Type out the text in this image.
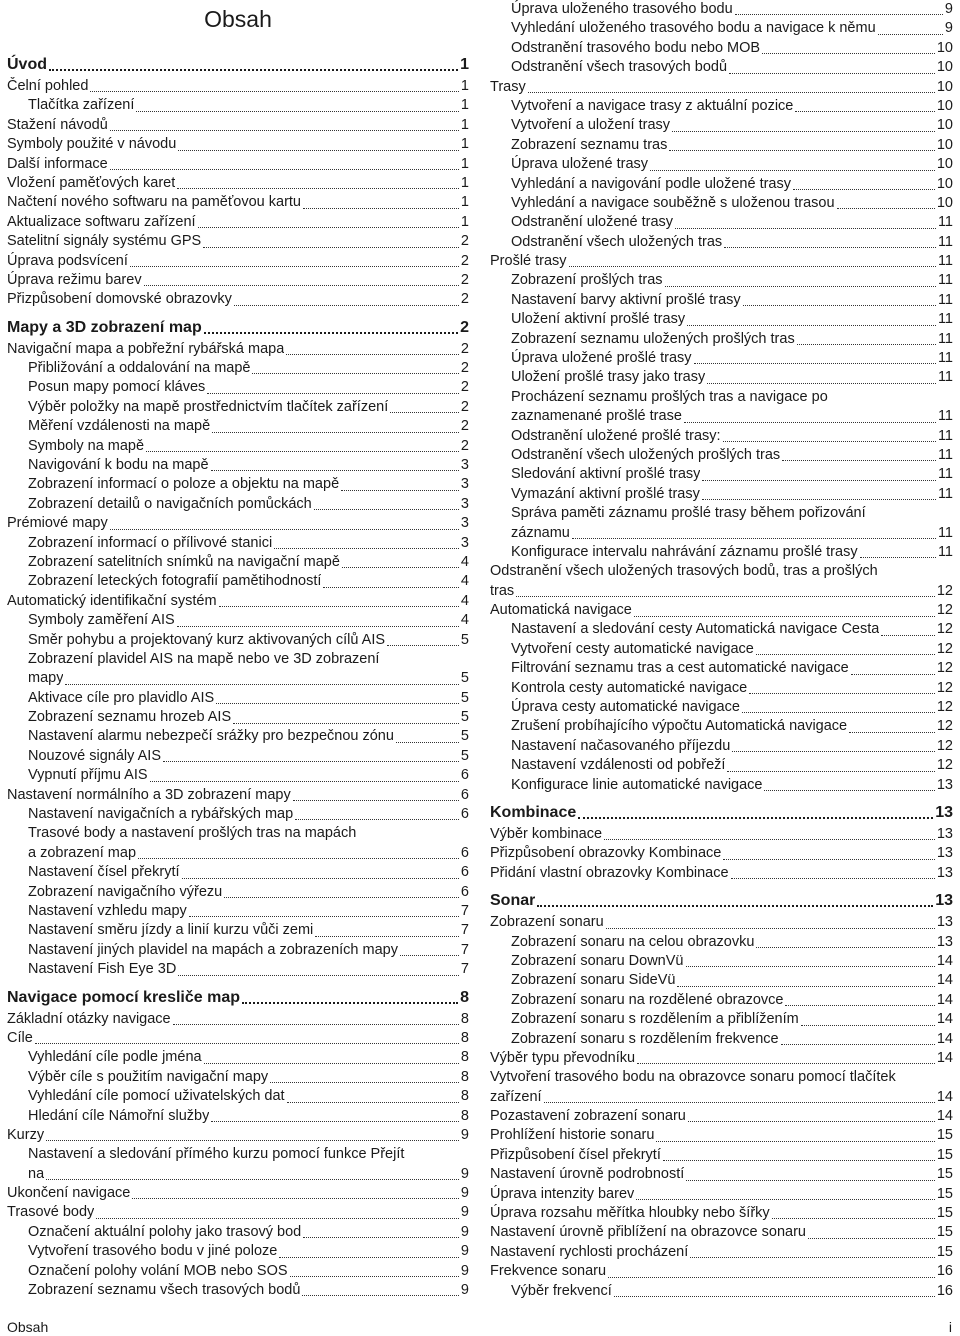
Obsah
Úvod	1
Čelní pohled	1
Tlačítka zařízení	1
Stažení návodů	1
Symboly použité v návodu	1
Další informace	1
Vložení paměťových karet	1
Načtení nového softwaru na paměťovou kartu	1
Aktualizace softwaru zařízení	1
Satelitní signály systému GPS	2
Úprava podsvícení	2
Úprava režimu barev	2
Přizpůsobení domovské obrazovky	2
Mapy a 3D zobrazení map	2
Navigační mapa a pobřežní rybářská mapa	2
Přibližování a oddalování na mapě	2
Posun mapy pomocí kláves	2
Výběr položky na mapě prostřednictvím tlačítek zařízení	2
Měření vzdálenosti na mapě	2
Symboly na mapě	2
Navigování k bodu na mapě	3
Zobrazení informací o poloze a objektu na mapě	3
Zobrazení detailů o navigačních pomůckách	3
Prémiové mapy	3
Zobrazení informací o přílivové stanici	3
Zobrazení satelitních snímků na navigační mapě	4
Zobrazení leteckých fotografií pamětihodností	4
Automatický identifikační systém	4
Symboly zaměření AIS	4
Směr pohybu a projektovaný kurz aktivovaných cílů AIS	5
Zobrazení plavidel AIS na mapě nebo ve 3D zobrazení
mapy	5
Aktivace cíle pro plavidlo AIS	5
Zobrazení seznamu hrozeb AIS	5
Nastavení alarmu nebezpečí srážky pro bezpečnou zónu	5
Nouzové signály AIS	5
Vypnutí příjmu AIS	6
Nastavení normálního a 3D zobrazení mapy	6
Nastavení navigačních a rybářských map	6
Trasové body a nastavení prošlých tras na mapách
a zobrazení map	6
Nastavení čísel překrytí	6
Zobrazení navigačního výřezu	6
Nastavení vzhledu mapy	7
Nastavení směru jízdy a linií kurzu vůči zemi	7
Nastavení jiných plavidel na mapách a zobrazeních mapy	7
Nastavení Fish Eye 3D	7
Navigace pomocí kresliče map	8
Základní otázky navigace	8
Cíle	8
Vyhledání cíle podle jména	8
Výběr cíle s použitím navigační mapy	8
Vyhledání cíle pomocí uživatelských dat	8
Hledání cíle Námořní služby	8
Kurzy	9
Nastavení a sledování přímého kurzu pomocí funkce Přejít
na	9
Ukončení navigace	9
Trasové body	9
Označení aktuální polohy jako trasový bod	9
Vytvoření trasového bodu v jiné poloze	9
Označení polohy volání MOB nebo SOS	9
Zobrazení seznamu všech trasových bodů	9
Úprava uloženého trasového bodu	9
Vyhledání uloženého trasového bodu a navigace k němu	9
Odstranění trasového bodu nebo MOB	10
Odstranění všech trasových bodů	10
Trasy	10
Vytvoření a navigace trasy z aktuální pozice	10
Vytvoření a uložení trasy	10
Zobrazení seznamu tras	10
Úprava uložené trasy	10
Vyhledání a navigování podle uložené trasy	10
Vyhledání a navigace souběžně s uloženou trasou	10
Odstranění uložené trasy	11
Odstranění všech uložených tras	11
Prošlé trasy	11
Zobrazení prošlých tras	11
Nastavení barvy aktivní prošlé trasy	11
Uložení aktivní prošlé trasy	11
Zobrazení seznamu uložených prošlých tras	11
Úprava uložené prošlé trasy	11
Uložení prošlé trasy jako trasy	11
Procházení seznamu prošlých tras a navigace po
zaznamenané prošlé trase	11
Odstranění uložené prošlé trasy:	11
Odstranění všech uložených prošlých tras	11
Sledování aktivní prošlé trasy	11
Vymazání aktivní prošlé trasy	11
Správa paměti záznamu prošlé trasy během pořizování
záznamu	11
Konfigurace intervalu nahrávání záznamu prošlé trasy	11
Odstranění všech uložených trasových bodů, tras a prošlých
tras	12
Automatická navigace	12
Nastavení a sledování cesty Automatická navigace Cesta	12
Vytvoření cesty automatické navigace	12
Filtrování seznamu tras a cest automatické navigace	12
Kontrola cesty automatické navigace	12
Úprava cesty automatické navigace	12
Zrušení probíhajícího výpočtu Automatická navigace	12
Nastavení načasovaného příjezdu	12
Nastavení vzdálenosti od pobřeží	12
Konfigurace linie automatické navigace	13
Kombinace	13
Výběr kombinace	13
Přizpůsobení obrazovky Kombinace	13
Přidání vlastní obrazovky Kombinace	13
Sonar	13
Zobrazení sonaru	13
Zobrazení sonaru na celou obrazovku	13
Zobrazení sonaru DownVü	14
Zobrazení sonaru SideVü	14
Zobrazení sonaru na rozdělené obrazovce	14
Zobrazení sonaru s rozdělením a přiblížením	14
Zobrazení sonaru s rozdělením frekvence	14
Výběr typu převodníku	14
Vytvoření trasového bodu na obrazovce sonaru pomocí tlačítek
zařízení	14
Pozastavení zobrazení sonaru	14
Prohlížení historie sonaru	15
Přizpůsobení čísel překrytí	15
Nastavení úrovně podrobností	15
Úprava intenzity barev	15
Úprava rozsahu měřítka hloubky nebo šířky	15
Nastavení úrovně přiblížení na obrazovce sonaru	15
Nastavení rychlosti procházení	15
Frekvence sonaru	16
Výběr frekvencí	16
Obsah	i
